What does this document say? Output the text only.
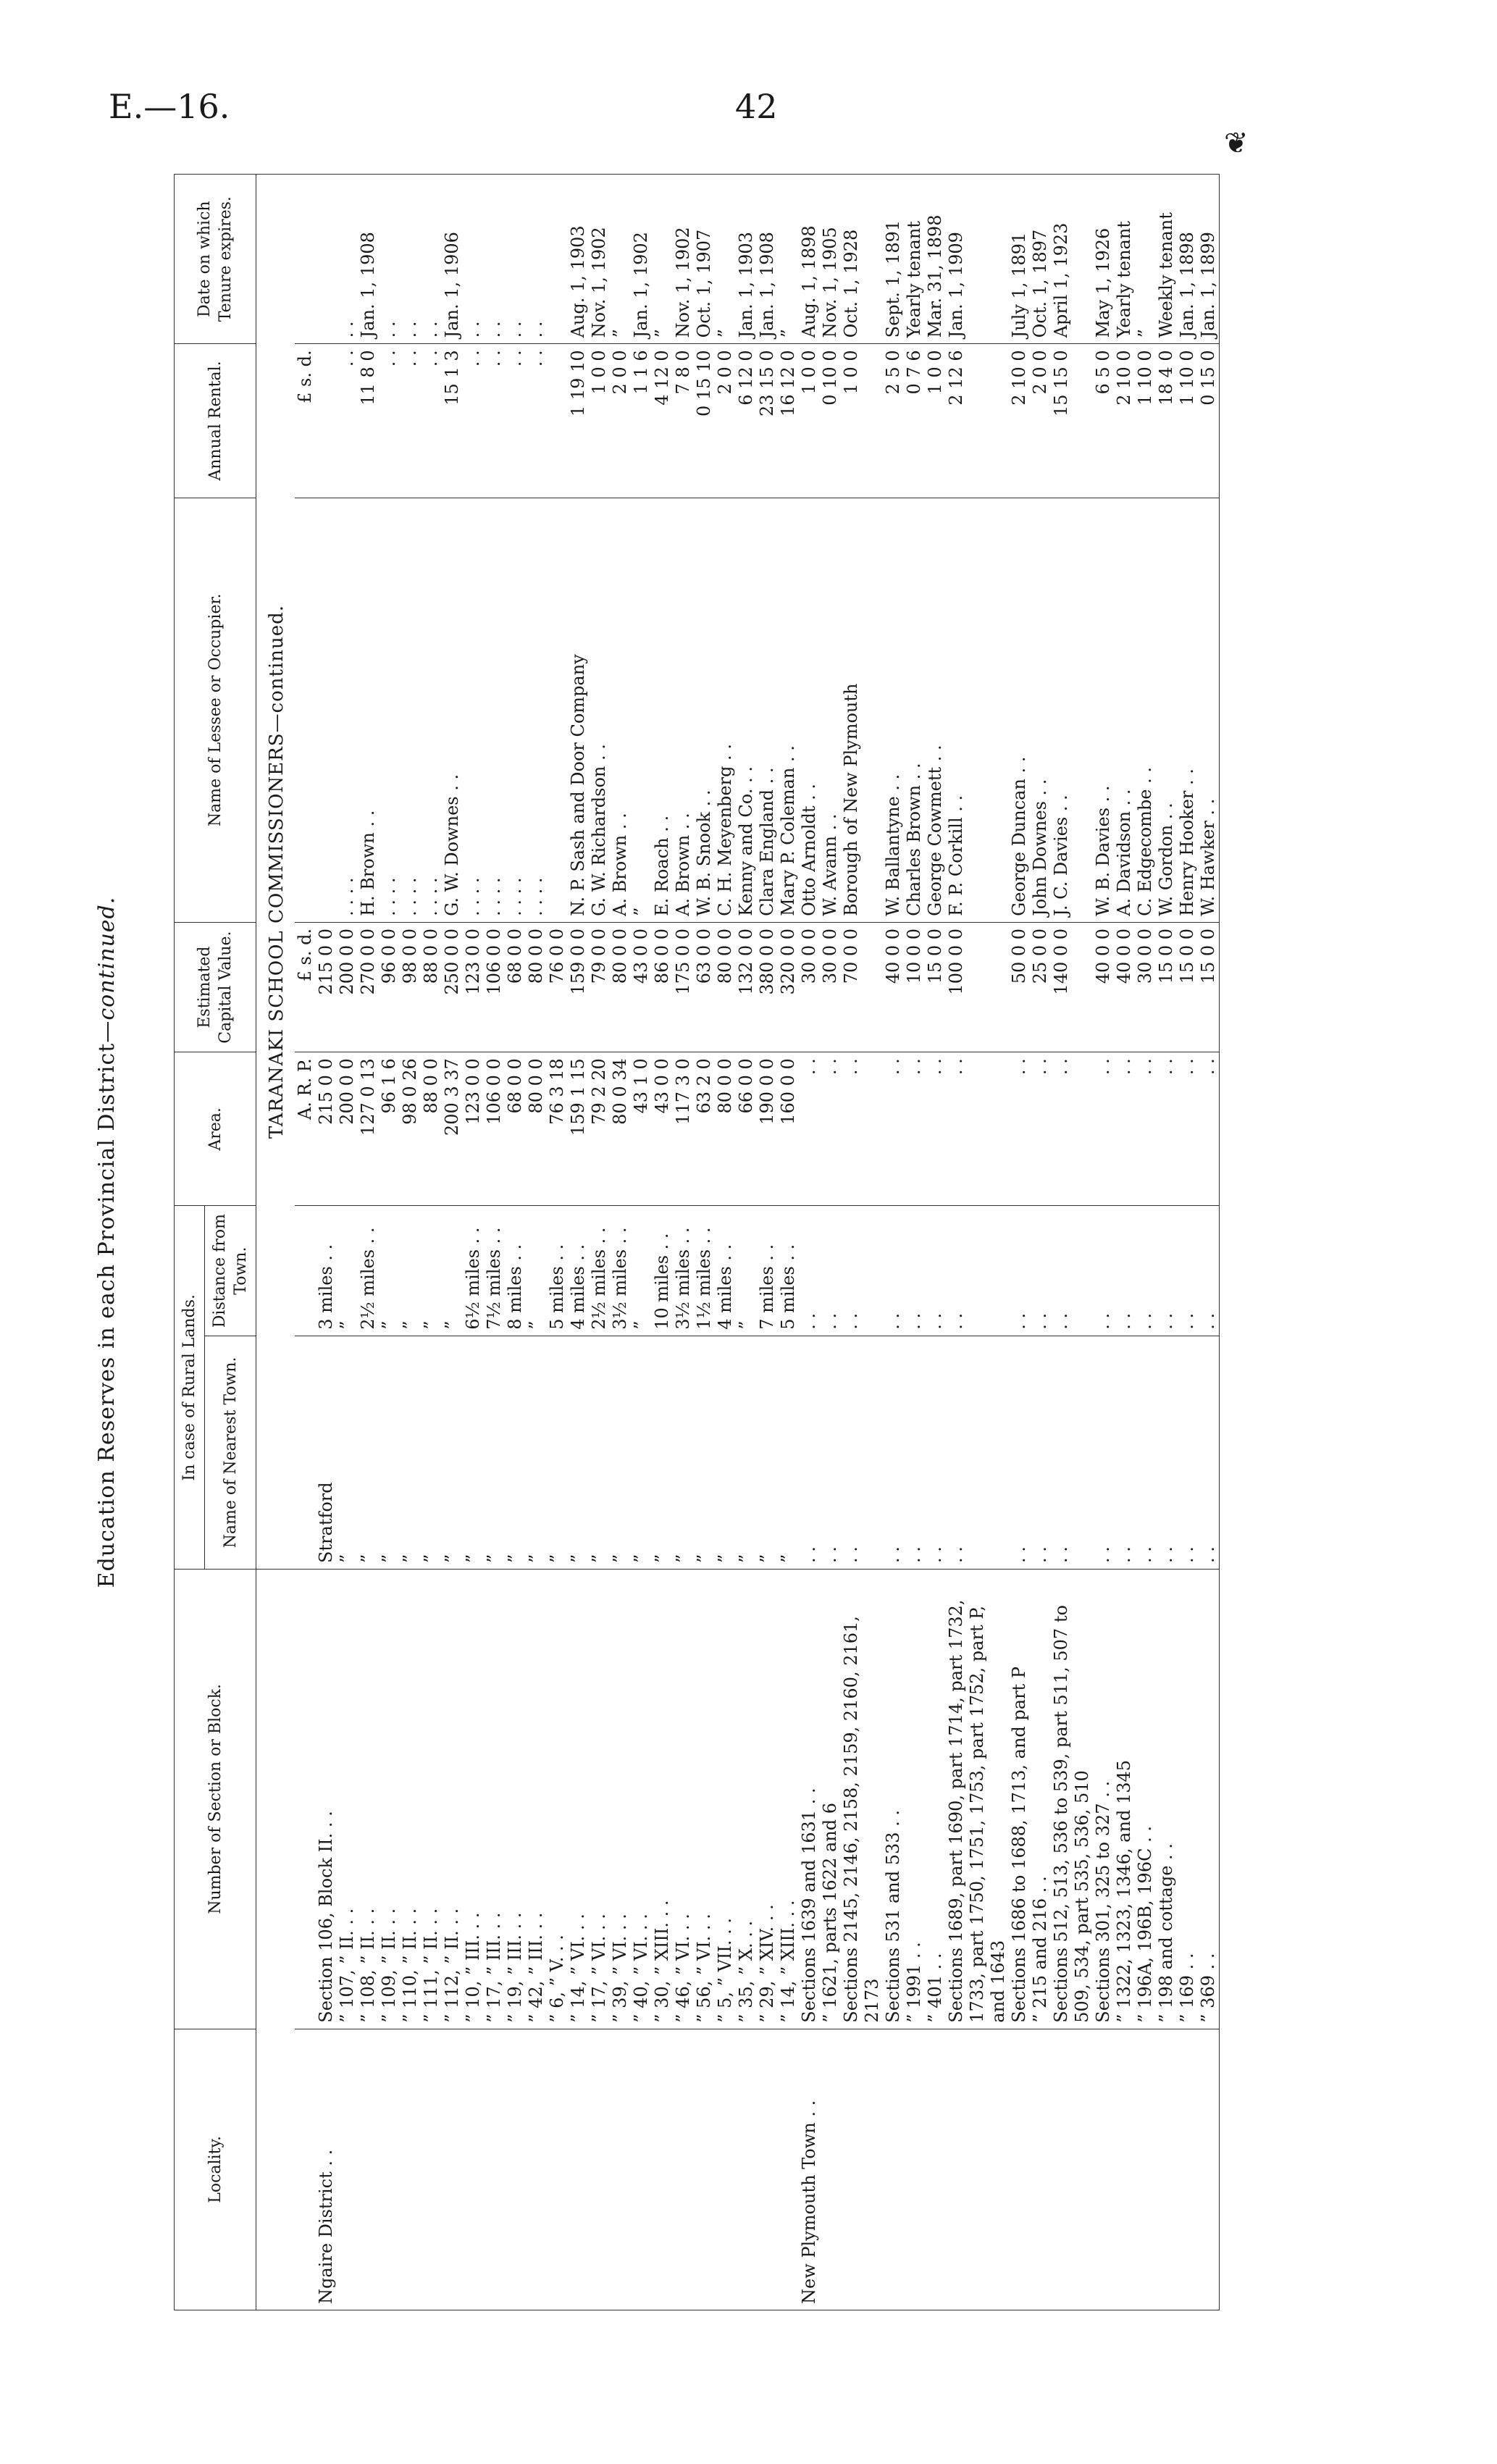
E.—16.	42
❦
Education Reserves in each Provincial District—continued.
Locality.	Number of Section or Block.	In case of Rural Lands.		Area.	Estimated Capital Value.	Name of Lessee or Occupier.	Annual Rental.	Date on which Tenure expires.
		Name of Nearest Town.	Distance from Town.					
		TARANAKI SCHOOL COMMISSIONERS—continued.						
				A. R. P.	£ s. d.		£ s. d.	
Ngaire District . .	Section 106, Block II. . .	Stratford	3 miles . .	215 0 0	215 0 0			
	” 107, ” II. . .	”	”	200 0 0	200 0 0	. . . .	. .	. .
	” 108, ” II. . .	”	2½ miles . .	127 0 13	270 0 0	H. Brown . .	11 8 0	Jan. 1, 1908
	” 109, ” II. . .	”	”	96 1 6	96 0 0	. . . .	. .	. .
	” 110, ” II. . .	”	”	98 0 26	98 0 0	. . . .	. .	. .
	” 111, ” II. . .	”	”	88 0 0	88 0 0	. . . .	. .	. .
	” 112, ” II. . .	”	”	200 3 37	250 0 0	G. W. Downes . .	15 1 3	Jan. 1, 1906
	” 10, ” III. . .	”	6½ miles . .	123 0 0	123 0 0	. . . .	. .	. .
	” 17, ” III. . .	”	7½ miles . .	106 0 0	106 0 0	. . . .	. .	. .
	” 19, ” III. . .	”	8 miles . .	68 0 0	68 0 0	. . . .	. .	. .
	” 42, ” III. . .	”	”	80 0 0	80 0 0	. . . .	. .	. .
	” 6, ” V. . .	”	5 miles . .	76 3 18	76 0 0			
	” 14, ” VI. . .	”	4 miles . .	159 1 15	159 0 0	N. P. Sash and Door Company	1 19 10	Aug. 1, 1903
	” 17, ” VI. . .	”	2½ miles . .	79 2 20	79 0 0	G. W. Richardson . .	1 0 0	Nov. 1, 1902
	” 39, ” VI. . .	”	3½ miles . .	80 0 34	80 0 0	A. Brown . .	2 0 0	”
	” 40, ” VI. . .	”	”	43 1 0	43 0 0	”	1 1 6	Jan. 1, 1902
	” 30, ” XIII. . .	”	10 miles . .	43 0 0	86 0 0	E. Roach . .	4 12 0	”
	” 46, ” VI. . .	”	3½ miles . .	117 3 0	175 0 0	A. Brown . .	7 8 0	Nov. 1, 1902
	” 56, ” VI. . .	”	1½ miles . .	63 2 0	63 0 0	W. B. Snook . .	0 15 10	Oct. 1, 1907
	” 5, ” VII. . .	”	4 miles . .	80 0 0	80 0 0	C. H. Meyenberg . .	2 0 0	”
	” 35, ” X. . .	”	”	66 0 0	132 0 0	Kenny and Co. . .	6 12 0	Jan. 1, 1903
	” 29, ” XIV. . .	”	7 miles . .	190 0 0	380 0 0	Clara England . .	23 15 0	Jan. 1, 1908
	” 14, ” XIII. . .	”	5 miles . .	160 0 0	320 0 0	Mary P. Coleman . .	16 12 0	”
New Plymouth Town . .	Sections 1639 and 1631 . .	. .	. .	. .	30 0 0	Otto Arnoldt . .	1 0 0	Aug. 1, 1898
	” 1621, parts 1622 and 6	. .	. .	. .	30 0 0	W. Avann . .	0 10 0	Nov. 1, 1905
	Sections 2145, 2146, 2158, 2159, 2160, 2161, 2173	. .	. .	. .	70 0 0	Borough of New Plymouth	1 0 0	Oct. 1, 1928
	Sections 531 and 533 . .	. .	. .	. .	40 0 0	W. Ballantyne . .	2 5 0	Sept. 1, 1891
	” 1991 . .	. .	. .	. .	10 0 0	Charles Brown . .	0 7 6	Yearly tenant
	” 401 . .	. .	. .	. .	15 0 0	George Cowmett . .	1 0 0	Mar. 31, 1898
	Sections 1689, part 1690, part 1714, part 1732, 1733, part 1750, 1751, 1753, part 1752, part P, and 1643	. .	. .	. .	100 0 0	F. P. Corkill . .	2 12 6	Jan. 1, 1909
	Sections 1686 to 1688, 1713, and part P	. .	. .	. .	50 0 0	George Duncan . .	2 10 0	July 1, 1891
	” 215 and 216 . .	. .	. .	. .	25 0 0	John Downes . .	2 0 0	Oct. 1, 1897
	Sections 512, 513, 536 to 539, part 511, 507 to 509, 534, part 535, 536, 510	. .	. .	. .	140 0 0	J. C. Davies . .	15 15 0	April 1, 1923
	Sections 301, 325 to 327 . .	. .	. .	. .	40 0 0	W. B. Davies . .	6 5 0	May 1, 1926
	” 1322, 1323, 1346, and 1345	. .	. .	. .	40 0 0	A. Davidson . .	2 10 0	Yearly tenant
	” 196A, 196B, 196C . .	. .	. .	. .	30 0 0	C. Edgecombe . .	1 10 0	”
	” 198 and cottage . .	. .	. .	. .	15 0 0	W. Gordon . .	18 4 0	Weekly tenant
	” 169 . .	. .	. .	. .	15 0 0	Henry Hooker . .	1 10 0	Jan. 1, 1898
	” 369 . .	. .	. .	. .	15 0 0	W. Hawker . .	0 15 0	Jan. 1, 1899
